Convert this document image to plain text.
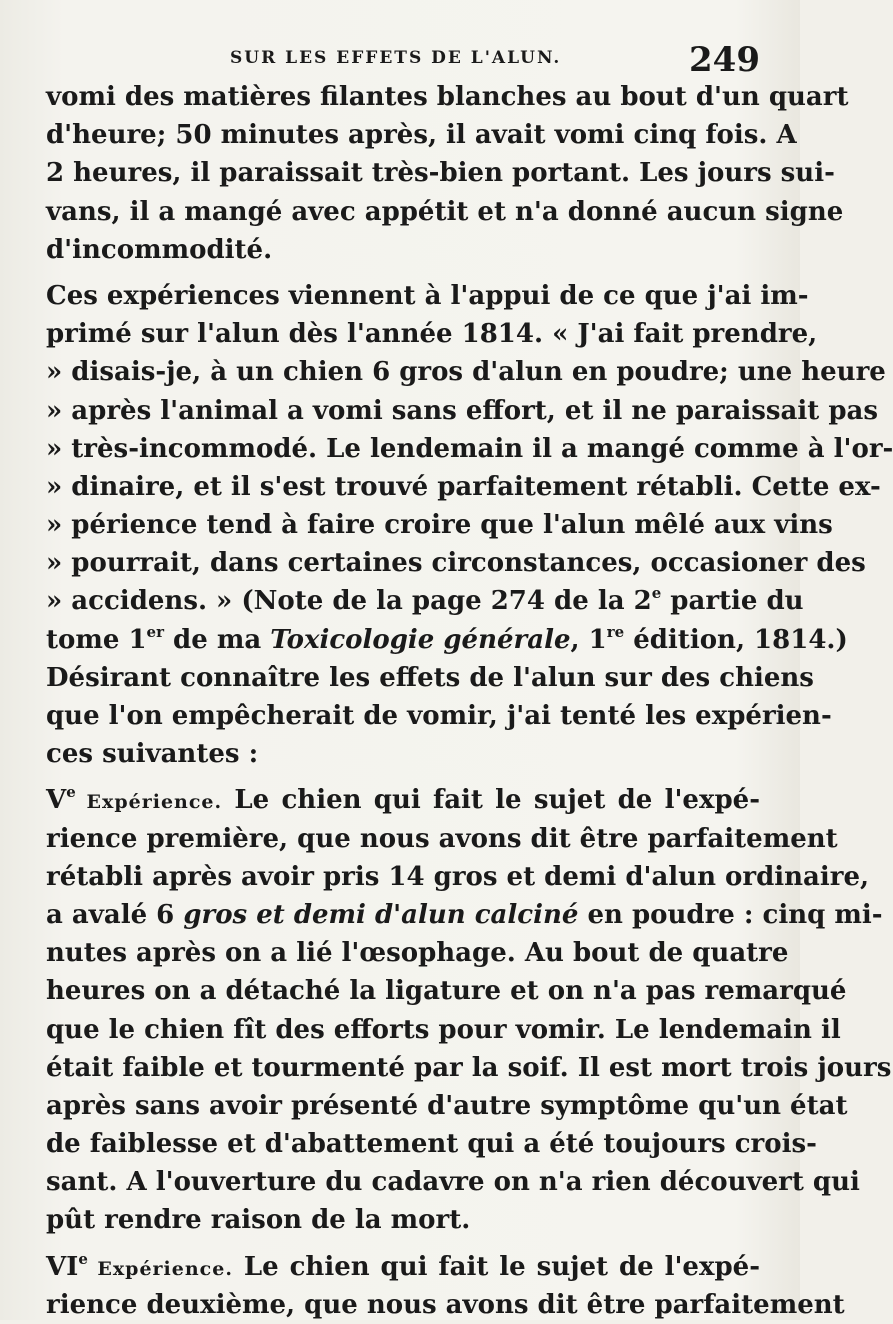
SUR LES EFFETS DE L'ALUN.	249
vomi des matières filantes blanches au bout d'un quart
d'heure; 50 minutes après, il avait vomi cinq fois. A
2 heures, il paraissait très-bien portant. Les jours sui-
vans, il a mangé avec appétit et n'a donné aucun signe
d'incommodité.
Ces expériences viennent à l'appui de ce que j'ai im-
primé sur l'alun dès l'année 1814. « J'ai fait prendre,
» disais-je, à un chien 6 gros d'alun en poudre; une heure
» après l'animal a vomi sans effort, et il ne paraissait pas
» très-incommodé. Le lendemain il a mangé comme à l'or-
» dinaire, et il s'est trouvé parfaitement rétabli. Cette ex-
» périence tend à faire croire que l'alun mêlé aux vins
» pourrait, dans certaines circonstances, occasioner des
» accidens. » (Note de la page 274 de la 2e partie du
tome 1er de ma Toxicologie générale, 1re édition, 1814.)
Désirant connaître les effets de l'alun sur des chiens
que l'on empêcherait de vomir, j'ai tenté les expérien-
ces suivantes :
Ve Expérience. Le chien qui fait le sujet de l'expé-
rience première, que nous avons dit être parfaitement
rétabli après avoir pris 14 gros et demi d'alun ordinaire,
a avalé 6 gros et demi d'alun calciné en poudre : cinq mi-
nutes après on a lié l'œsophage. Au bout de quatre
heures on a détaché la ligature et on n'a pas remarqué
que le chien fît des efforts pour vomir. Le lendemain il
était faible et tourmenté par la soif. Il est mort trois jours
après sans avoir présenté d'autre symptôme qu'un état
de faiblesse et d'abattement qui a été toujours crois-
sant. A l'ouverture du cadavre on n'a rien découvert qui
pût rendre raison de la mort.
VIe Expérience. Le chien qui fait le sujet de l'expé-
rience deuxième, que nous avons dit être parfaitement
